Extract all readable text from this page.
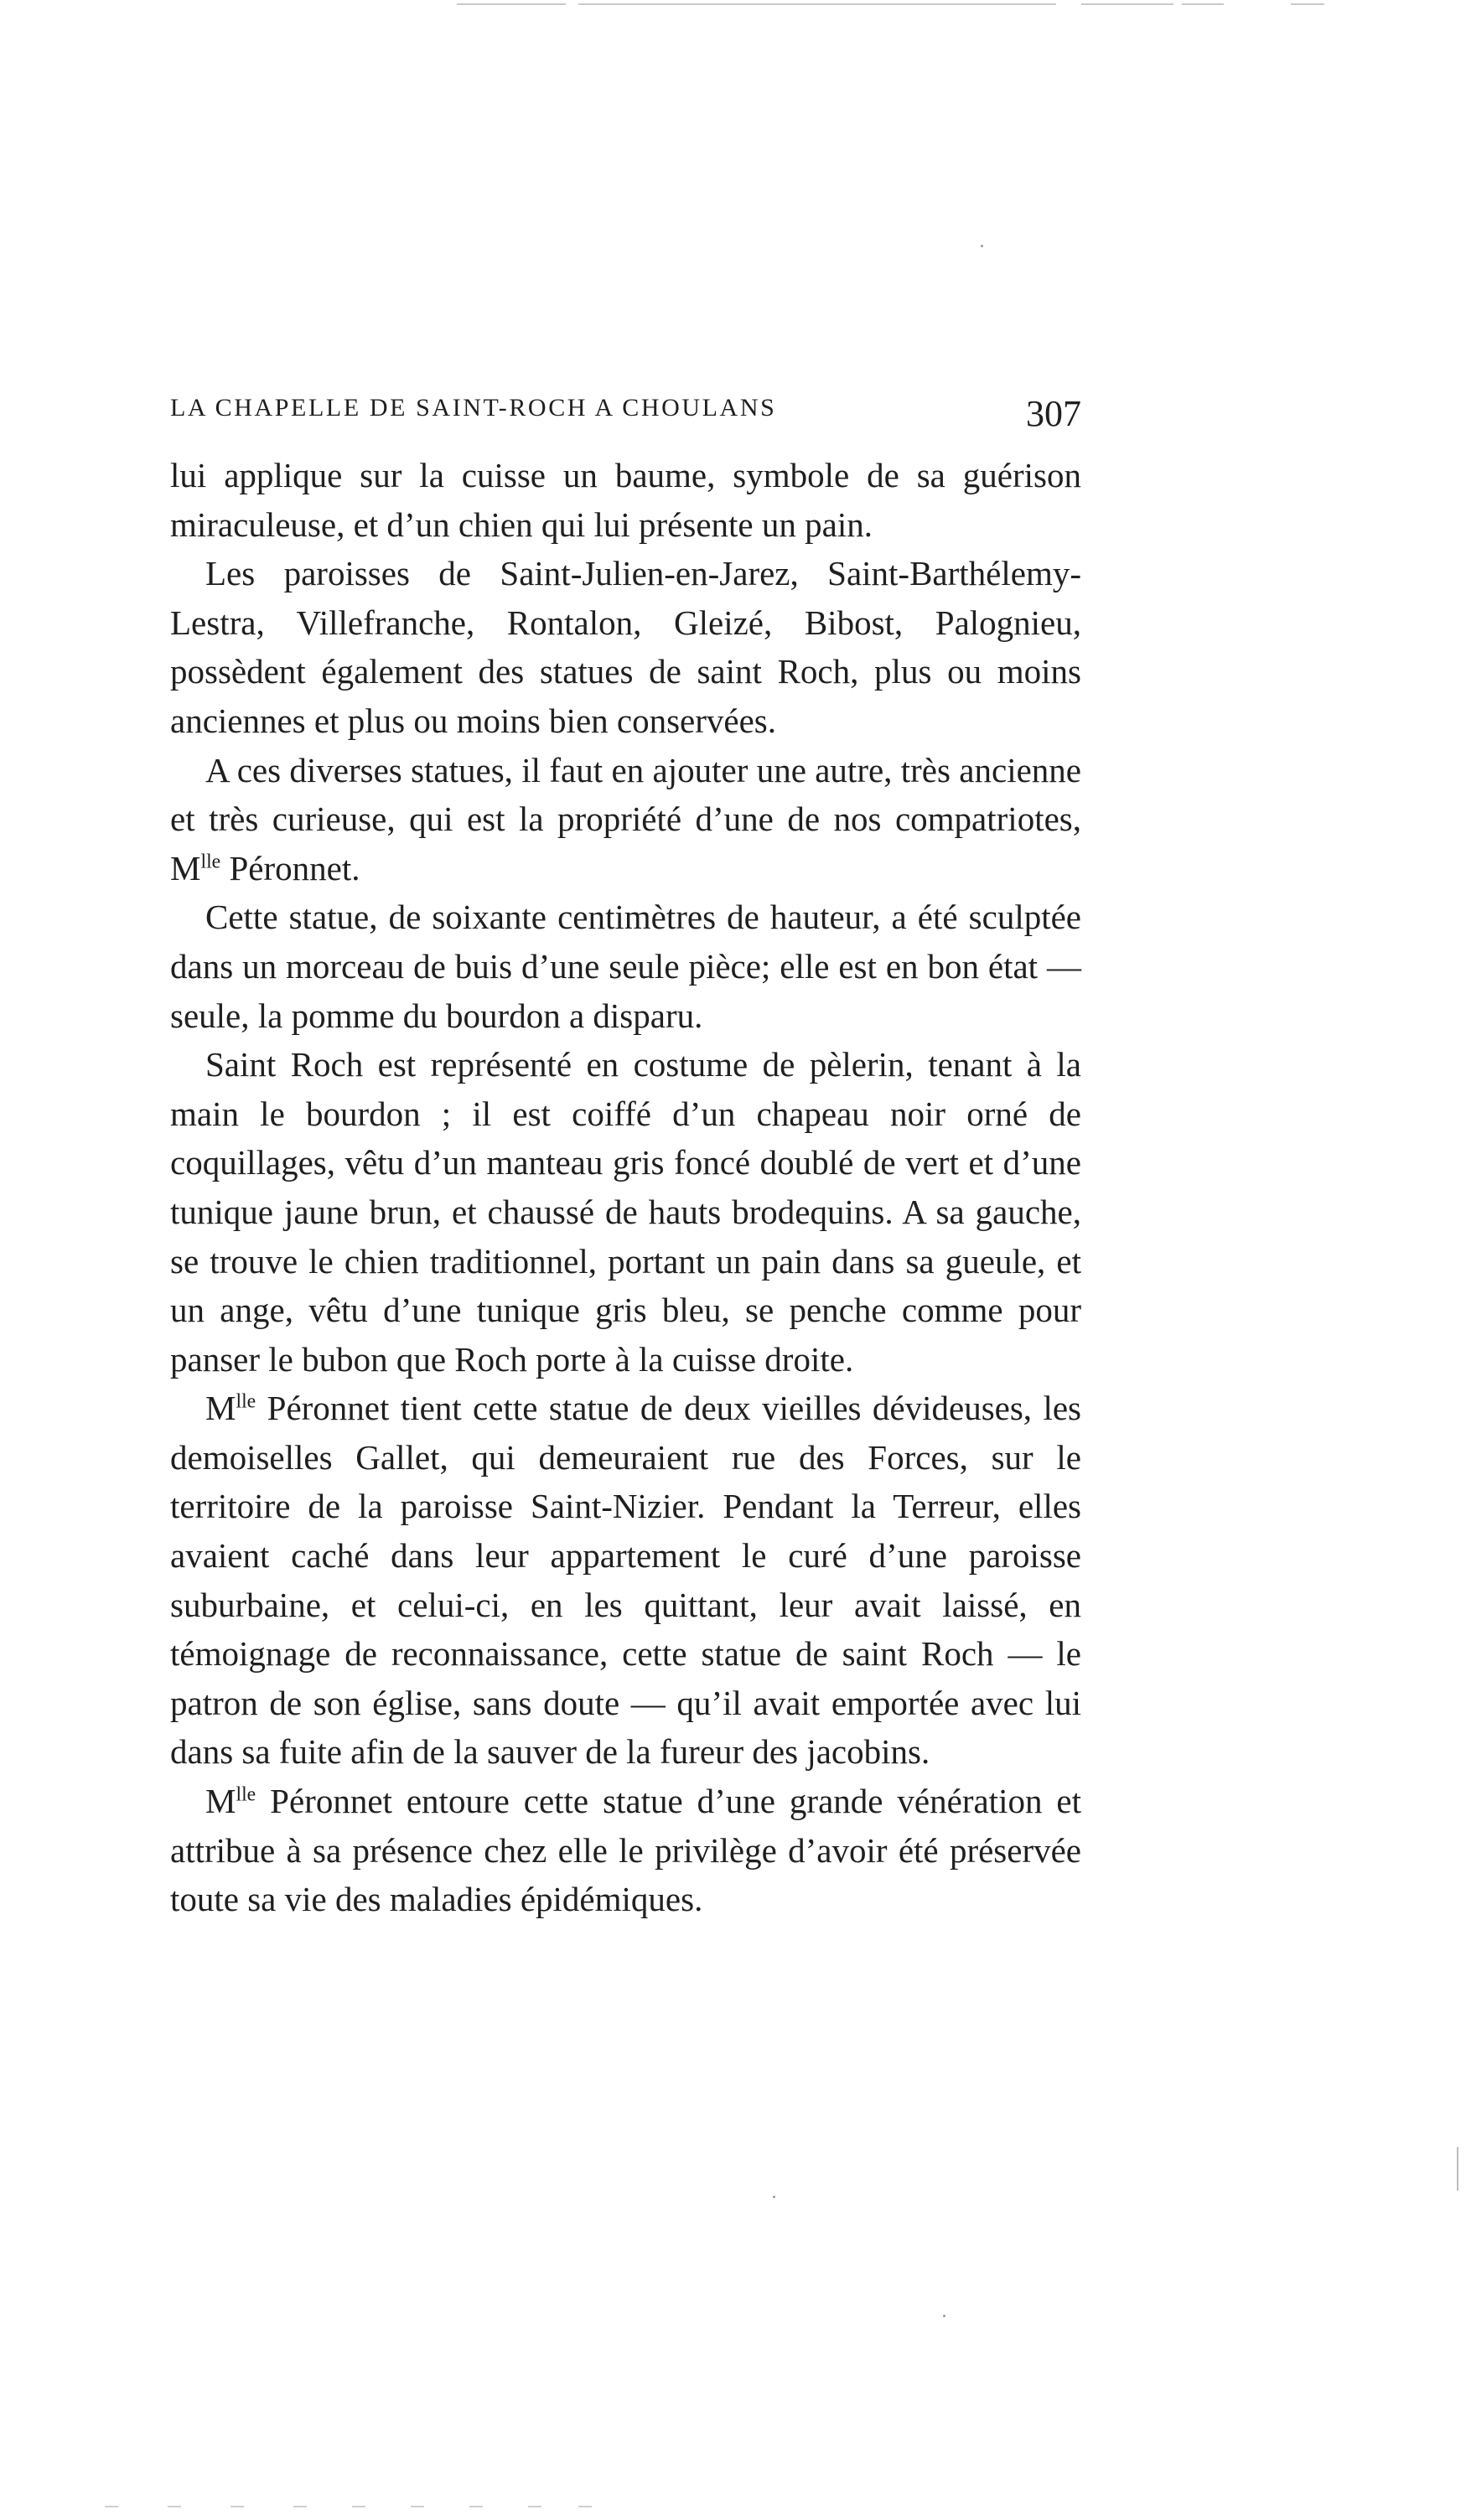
LA CHAPELLE DE SAINT-ROCH A CHOULANS	307

lui applique sur la cuisse un baume, symbole de sa guérison miraculeuse, et d’un chien qui lui présente un pain.

Les paroisses de Saint-Julien-en-Jarez, Saint-Barthélemy-Lestra, Villefranche, Rontalon, Gleizé, Bibost, Palognieu, possèdent également des statues de saint Roch, plus ou moins anciennes et plus ou moins bien conservées.

A ces diverses statues, il faut en ajouter une autre, très ancienne et très curieuse, qui est la propriété d’une de nos compatriotes, $M^{lle}$ Péronnet.

Cette statue, de soixante centimètres de hauteur, a été sculptée dans un morceau de buis d’une seule pièce; elle est en bon état — seule, la pomme du bourdon a disparu.

Saint Roch est représenté en costume de pèlerin, tenant à la main le bourdon ; il est coiffé d’un chapeau noir orné de coquillages, vêtu d’un manteau gris foncé doublé de vert et d’une tunique jaune brun, et chaussé de hauts brodequins. A sa gauche, se trouve le chien traditionnel, portant un pain dans sa gueule, et un ange, vêtu d’une tunique gris bleu, se penche comme pour panser le bubon que Roch porte à la cuisse droite.

$M^{lle}$ Péronnet tient cette statue de deux vieilles dévideuses, les demoiselles Gallet, qui demeuraient rue des Forces, sur le territoire de la paroisse Saint-Nizier. Pendant la Terreur, elles avaient caché dans leur appartement le curé d’une paroisse suburbaine, et celui-ci, en les quittant, leur avait laissé, en témoignage de reconnaissance, cette statue de saint Roch — le patron de son église, sans doute — qu’il avait emportée avec lui dans sa fuite afin de la sauver de la fureur des jacobins.

$M^{lle}$ Péronnet entoure cette statue d’une grande vénération et attribue à sa présence chez elle le privilège d’avoir été préservée toute sa vie des maladies épidémiques.
